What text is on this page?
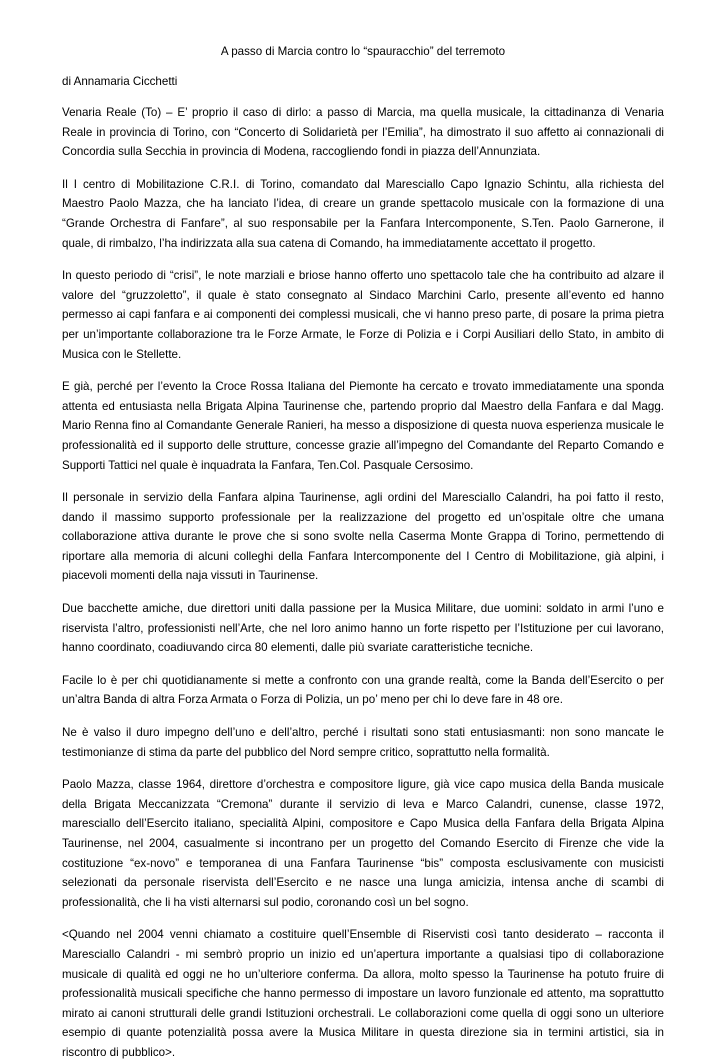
A passo di Marcia contro lo “spauracchio” del terremoto
di Annamaria Cicchetti

Venaria Reale (To) – E’ proprio il caso di dirlo: a passo di Marcia, ma quella musicale, la cittadinanza di Venaria Reale in provincia di Torino, con “Concerto di Solidarietà per l’Emilia”, ha dimostrato il suo affetto ai connazionali di Concordia sulla Secchia in provincia di Modena, raccogliendo fondi in piazza dell’Annunziata.

Il I centro di Mobilitazione C.R.I. di Torino, comandato dal Maresciallo Capo Ignazio Schintu, alla richiesta del Maestro Paolo Mazza, che ha lanciato l’idea, di creare un grande spettacolo musicale con la formazione di una “Grande Orchestra di Fanfare”, al suo responsabile per la Fanfara Intercomponente, S.Ten. Paolo Garnerone, il quale, di rimbalzo, l’ha indirizzata alla sua catena di Comando, ha immediatamente accettato il progetto.

In questo periodo di “crisi”, le note marziali e briose hanno offerto uno spettacolo tale che ha contribuito ad alzare il valore del “gruzzoletto”, il quale è stato consegnato al Sindaco Marchini Carlo, presente all’evento ed hanno permesso ai capi fanfara e ai componenti dei complessi musicali, che vi hanno preso parte, di posare la prima pietra per un’importante collaborazione tra le Forze Armate, le Forze di Polizia e i Corpi Ausiliari dello Stato, in ambito di Musica con le Stellette.

E già, perché per l’evento la Croce Rossa Italiana del Piemonte ha cercato e trovato immediatamente una sponda attenta ed entusiasta nella Brigata Alpina Taurinense che, partendo proprio dal Maestro della Fanfara e dal Magg. Mario Renna fino al Comandante Generale Ranieri, ha messo a disposizione di questa nuova esperienza musicale le professionalità ed il supporto delle strutture, concesse grazie all’impegno del Comandante del Reparto Comando e Supporti Tattici nel quale è inquadrata la Fanfara, Ten.Col. Pasquale Cersosimo.

Il personale in servizio della Fanfara alpina Taurinense, agli ordini del Maresciallo Calandri, ha poi fatto il resto, dando il massimo supporto professionale per la realizzazione del progetto ed un’ospitale oltre che umana collaborazione attiva durante le prove che si sono svolte nella Caserma Monte Grappa di Torino, permettendo di riportare alla memoria di alcuni colleghi della Fanfara Intercomponente del I Centro di Mobilitazione, già alpini, i piacevoli momenti della naja vissuti in Taurinense.

Due bacchette amiche, due direttori uniti dalla passione per la Musica Militare, due uomini: soldato in armi l’uno e riservista l’altro, professionisti nell’Arte, che nel loro animo hanno un forte rispetto per l’Istituzione per cui lavorano, hanno coordinato, coadiuvando circa 80 elementi, dalle più svariate caratteristiche tecniche.

Facile lo è per chi quotidianamente si mette a confronto con una grande realtà, come la Banda dell’Esercito o per un’altra Banda di altra Forza Armata o Forza di Polizia, un po’ meno per chi lo deve fare in 48 ore.

Ne è valso il duro impegno dell’uno e dell’altro, perché i risultati sono stati entusiasmanti: non sono mancate le testimonianze di stima da parte del pubblico del Nord sempre critico, soprattutto nella formalità.

Paolo Mazza, classe 1964, direttore d’orchestra e compositore ligure, già vice capo musica della Banda musicale della Brigata Meccanizzata “Cremona” durante il servizio di leva e Marco Calandri, cunense, classe 1972, maresciallo dell’Esercito italiano, specialità Alpini, compositore e Capo Musica della Fanfara della Brigata Alpina Taurinense, nel 2004, casualmente si incontrano per un progetto del Comando Esercito di Firenze che vide la costituzione “ex-novo” e temporanea di una Fanfara Taurinense “bis” composta esclusivamente con musicisti selezionati da personale riservista dell’Esercito e ne nasce una lunga amicizia, intensa anche di scambi di professionalità, che li ha visti alternarsi sul podio, coronando così un bel sogno.

<Quando nel 2004 venni chiamato a costituire quell’Ensemble di Riservisti così tanto desiderato – racconta il Maresciallo Calandri - mi sembrò proprio un inizio ed un’apertura importante a qualsiasi tipo di collaborazione musicale di qualità ed oggi ne ho un’ulteriore conferma. Da allora, molto spesso la Taurinense ha potuto fruire di professionalità musicali specifiche che hanno permesso di impostare un lavoro funzionale ed attento, ma soprattutto mirato ai canoni strutturali delle grandi Istituzioni orchestrali. Le collaborazioni come quella di oggi sono un ulteriore esempio di quante potenzialità possa avere la Musica Militare in questa direzione sia in termini artistici, sia in riscontro di pubblico>.
